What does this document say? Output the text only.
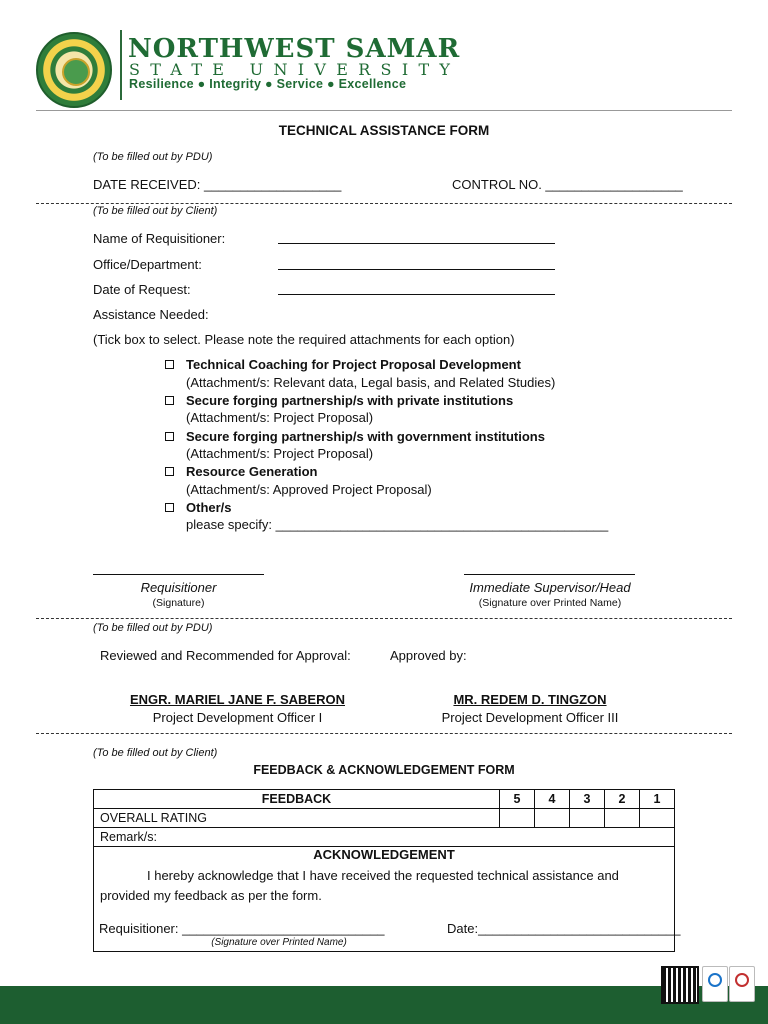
NORTHWEST SAMAR
STATE UNIVERSITY
Resilience ● Integrity ● Service ● Excellence
TECHNICAL ASSISTANCE FORM
(To be filled out by PDU)
DATE RECEIVED: ___________________	CONTROL NO. ___________________
(To be filled out by Client)
Name of Requisitioner:
Office/Department:
Date of Request:
Assistance Needed:
(Tick box to select. Please note the required attachments for each option)
Technical Coaching for Project Proposal Development
(Attachment/s: Relevant data, Legal basis, and Related Studies)
Secure forging partnership/s with private institutions
(Attachment/s: Project Proposal)
Secure forging partnership/s with government institutions
(Attachment/s: Project Proposal)
Resource Generation
(Attachment/s: Approved Project Proposal)
Other/s
please specify: ______________________________________________
Requisitioner
(Signature)
Immediate Supervisor/Head
(Signature over Printed Name)
(To be filled out by PDU)
Reviewed and Recommended for Approval:	Approved by:
ENGR. MARIEL JANE F. SABERON
Project Development Officer I
MR. REDEM D. TINGZON
Project Development Officer III
(To be filled out by Client)
FEEDBACK & ACKNOWLEDGEMENT FORM
FEEDBACK	5	4	3	2	1
OVERALL RATING					
Remark/s:					
ACKNOWLEDGEMENT
I hereby acknowledge that I have received the requested technical assistance and
provided my feedback as per the form.
Requisitioner: ____________________________	Date:____________________________
(Signature over Printed Name)
